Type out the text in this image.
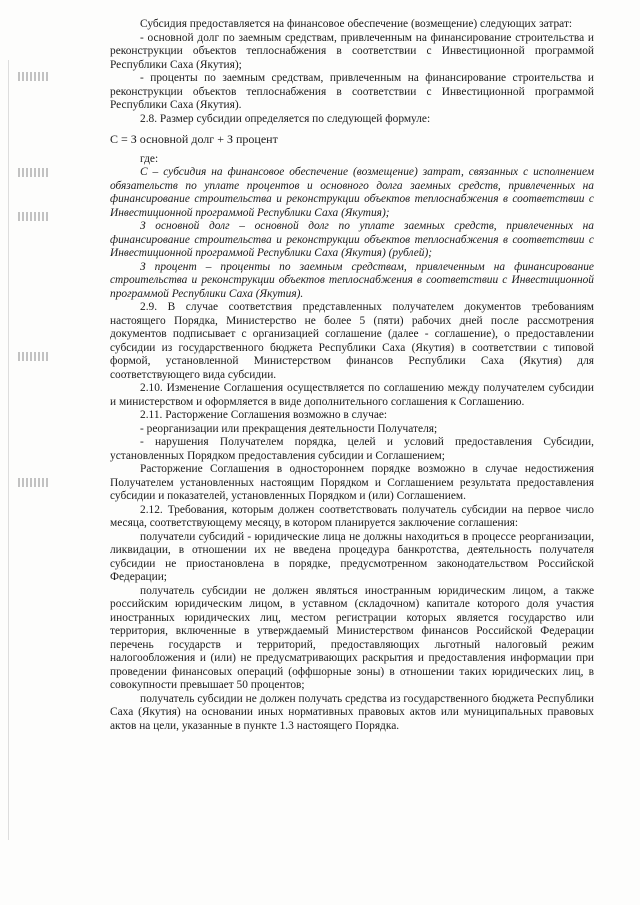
Субсидия предоставляется на финансовое обеспечение (возмещение) следующих затрат:

- основной долг по заемным средствам, привлеченным на финансирование строительства и реконструкции объектов теплоснабжения в соответствии с Инвестиционной программой Республики Саха (Якутия);

- проценты по заемным средствам, привлеченным на финансирование строительства и реконструкции объектов теплоснабжения в соответствии с Инвестиционной программой Республики Саха (Якутия).

2.8. Размер субсидии определяется по следующей формуле:

С = З основной долг + З процент

где:

С – субсидия на финансовое обеспечение (возмещение) затрат, связанных с исполнением обязательств по уплате процентов и основного долга заемных средств, привлеченных на финансирование строительства и реконструкции объектов теплоснабжения в соответствии с Инвестиционной программой Республики Саха (Якутия);

З основной долг – основной долг по уплате заемных средств, привлеченных на финансирование строительства и реконструкции объектов теплоснабжения в соответствии с Инвестиционной программой Республики Саха (Якутия) (рублей);

З процент – проценты по заемным средствам, привлеченным на финансирование строительства и реконструкции объектов теплоснабжения в соответствии с Инвестиционной программой Республики Саха (Якутия).

2.9. В случае соответствия представленных получателем документов требованиям настоящего Порядка, Министерство не более 5 (пяти) рабочих дней после рассмотрения документов подписывает с организацией соглашение (далее - соглашение), о предоставлении субсидии из государственного бюджета Республики Саха (Якутия) в соответствии с типовой формой, установленной Министерством финансов Республики Саха (Якутия) для соответствующего вида субсидии.

2.10. Изменение Соглашения осуществляется по соглашению между получателем субсидии и министерством и оформляется в виде дополнительного соглашения к Соглашению.

2.11. Расторжение Соглашения возможно в случае:

- реорганизации или прекращения деятельности Получателя;

- нарушения Получателем порядка, целей и условий предоставления Субсидии, установленных Порядком предоставления субсидии и Соглашением;

Расторжение Соглашения в одностороннем порядке возможно в случае недостижения Получателем установленных настоящим Порядком и Соглашением результата предоставления субсидии и показателей, установленных Порядком и (или) Соглашением.

2.12. Требования, которым должен соответствовать получатель субсидии на первое число месяца, соответствующему месяцу, в котором планируется заключение соглашения:

получатели субсидий - юридические лица не должны находиться в процессе реорганизации, ликвидации, в отношении их не введена процедура банкротства, деятельность получателя субсидии не приостановлена в порядке, предусмотренном законодательством Российской Федерации;

получатель субсидии не должен являться иностранным юридическим лицом, а также российским юридическим лицом, в уставном (складочном) капитале которого доля участия иностранных юридических лиц, местом регистрации которых является государство или территория, включенные в утверждаемый Министерством финансов Российской Федерации перечень государств и территорий, предоставляющих льготный налоговый режим налогообложения и (или) не предусматривающих раскрытия и предоставления информации при проведении финансовых операций (оффшорные зоны) в отношении таких юридических лиц, в совокупности превышает 50 процентов;

получатель субсидии не должен получать средства из государственного бюджета Республики Саха (Якутия) на основании иных нормативных правовых актов или муниципальных правовых актов на цели, указанные в пункте 1.3 настоящего Порядка.
